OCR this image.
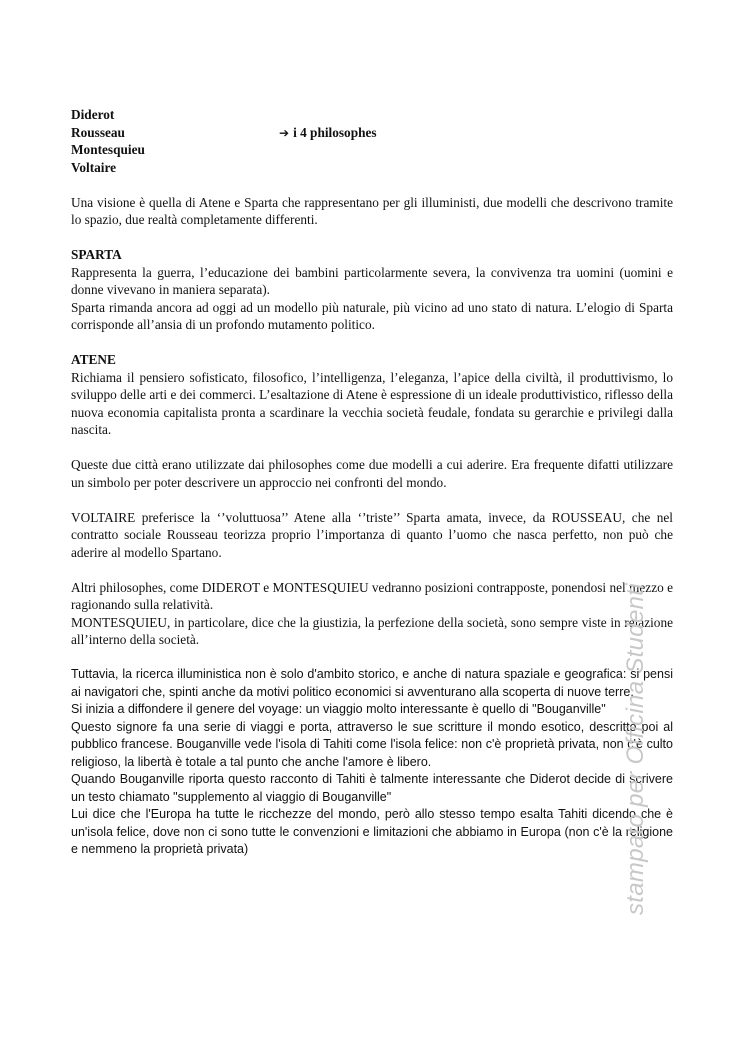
Diderot
Rousseau
Montesquieu
Voltaire
➔ i 4 philosophes

Una visione è quella di Atene e Sparta che rappresentano per gli illuministi, due modelli che descrivono tramite lo spazio, due realtà completamente differenti.

SPARTA

Rappresenta la guerra, l’educazione dei bambini particolarmente severa, la convivenza tra uomini (uomini e donne vivevano in maniera separata).

Sparta rimanda ancora ad oggi ad un modello più naturale, più vicino ad uno stato di natura. L’elogio di Sparta corrisponde all’ansia di un profondo mutamento politico.

ATENE

Richiama il pensiero sofisticato, filosofico, l’intelligenza, l’eleganza, l’apice della civiltà, il produttivismo, lo sviluppo delle arti e dei commerci. L’esaltazione di Atene è espressione di un ideale produttivistico, riflesso della nuova economia capitalista pronta a scardinare la vecchia società feudale, fondata su gerarchie e privilegi dalla nascita.

Queste due città erano utilizzate dai philosophes come due modelli a cui aderire. Era frequente difatti utilizzare un simbolo per poter descrivere un approccio nei confronti del mondo.

VOLTAIRE preferisce la ‘’voluttuosa’’ Atene alla ‘’triste’’ Sparta amata, invece, da ROUSSEAU, che nel contratto sociale Rousseau teorizza proprio l’importanza di quanto l’uomo che nasca perfetto, non può che aderire al modello Spartano.

Altri philosophes, come DIDEROT e MONTESQUIEU vedranno posizioni contrapposte, ponendosi nel mezzo e ragionando sulla relatività.

MONTESQUIEU, in particolare, dice che la giustizia, la perfezione della società, sono sempre viste in relazione all’interno della società.

Tuttavia, la ricerca illuministica non è solo d'ambito storico, e anche di natura spaziale e geografica: si pensi ai navigatori che, spinti anche da motivi politico economici si avventurano alla scoperta di nuove terre.

Si inizia a diffondere il genere del voyage: un viaggio molto interessante è quello di "Bouganville"

Questo signore fa una serie di viaggi e porta, attraverso le sue scritture il mondo esotico, descritto poi al pubblico francese. Bouganville vede l'isola di Tahiti come l'isola felice: non c'è proprietà privata, non c'è culto religioso, la libertà è totale a tal punto che anche l'amore è libero.

Quando Bouganville riporta questo racconto di Tahiti è talmente interessante che Diderot decide di scrivere un testo chiamato "supplemento al viaggio di Bouganville"

Lui dice che l'Europa ha tutte le ricchezze del mondo, però allo stesso tempo esalta Tahiti dicendo che è un'isola felice, dove non ci sono tutte le convenzioni e limitazioni che abbiamo in Europa (non c'è la religione e nemmeno la proprietà privata)	stampato per Officina Studenti
